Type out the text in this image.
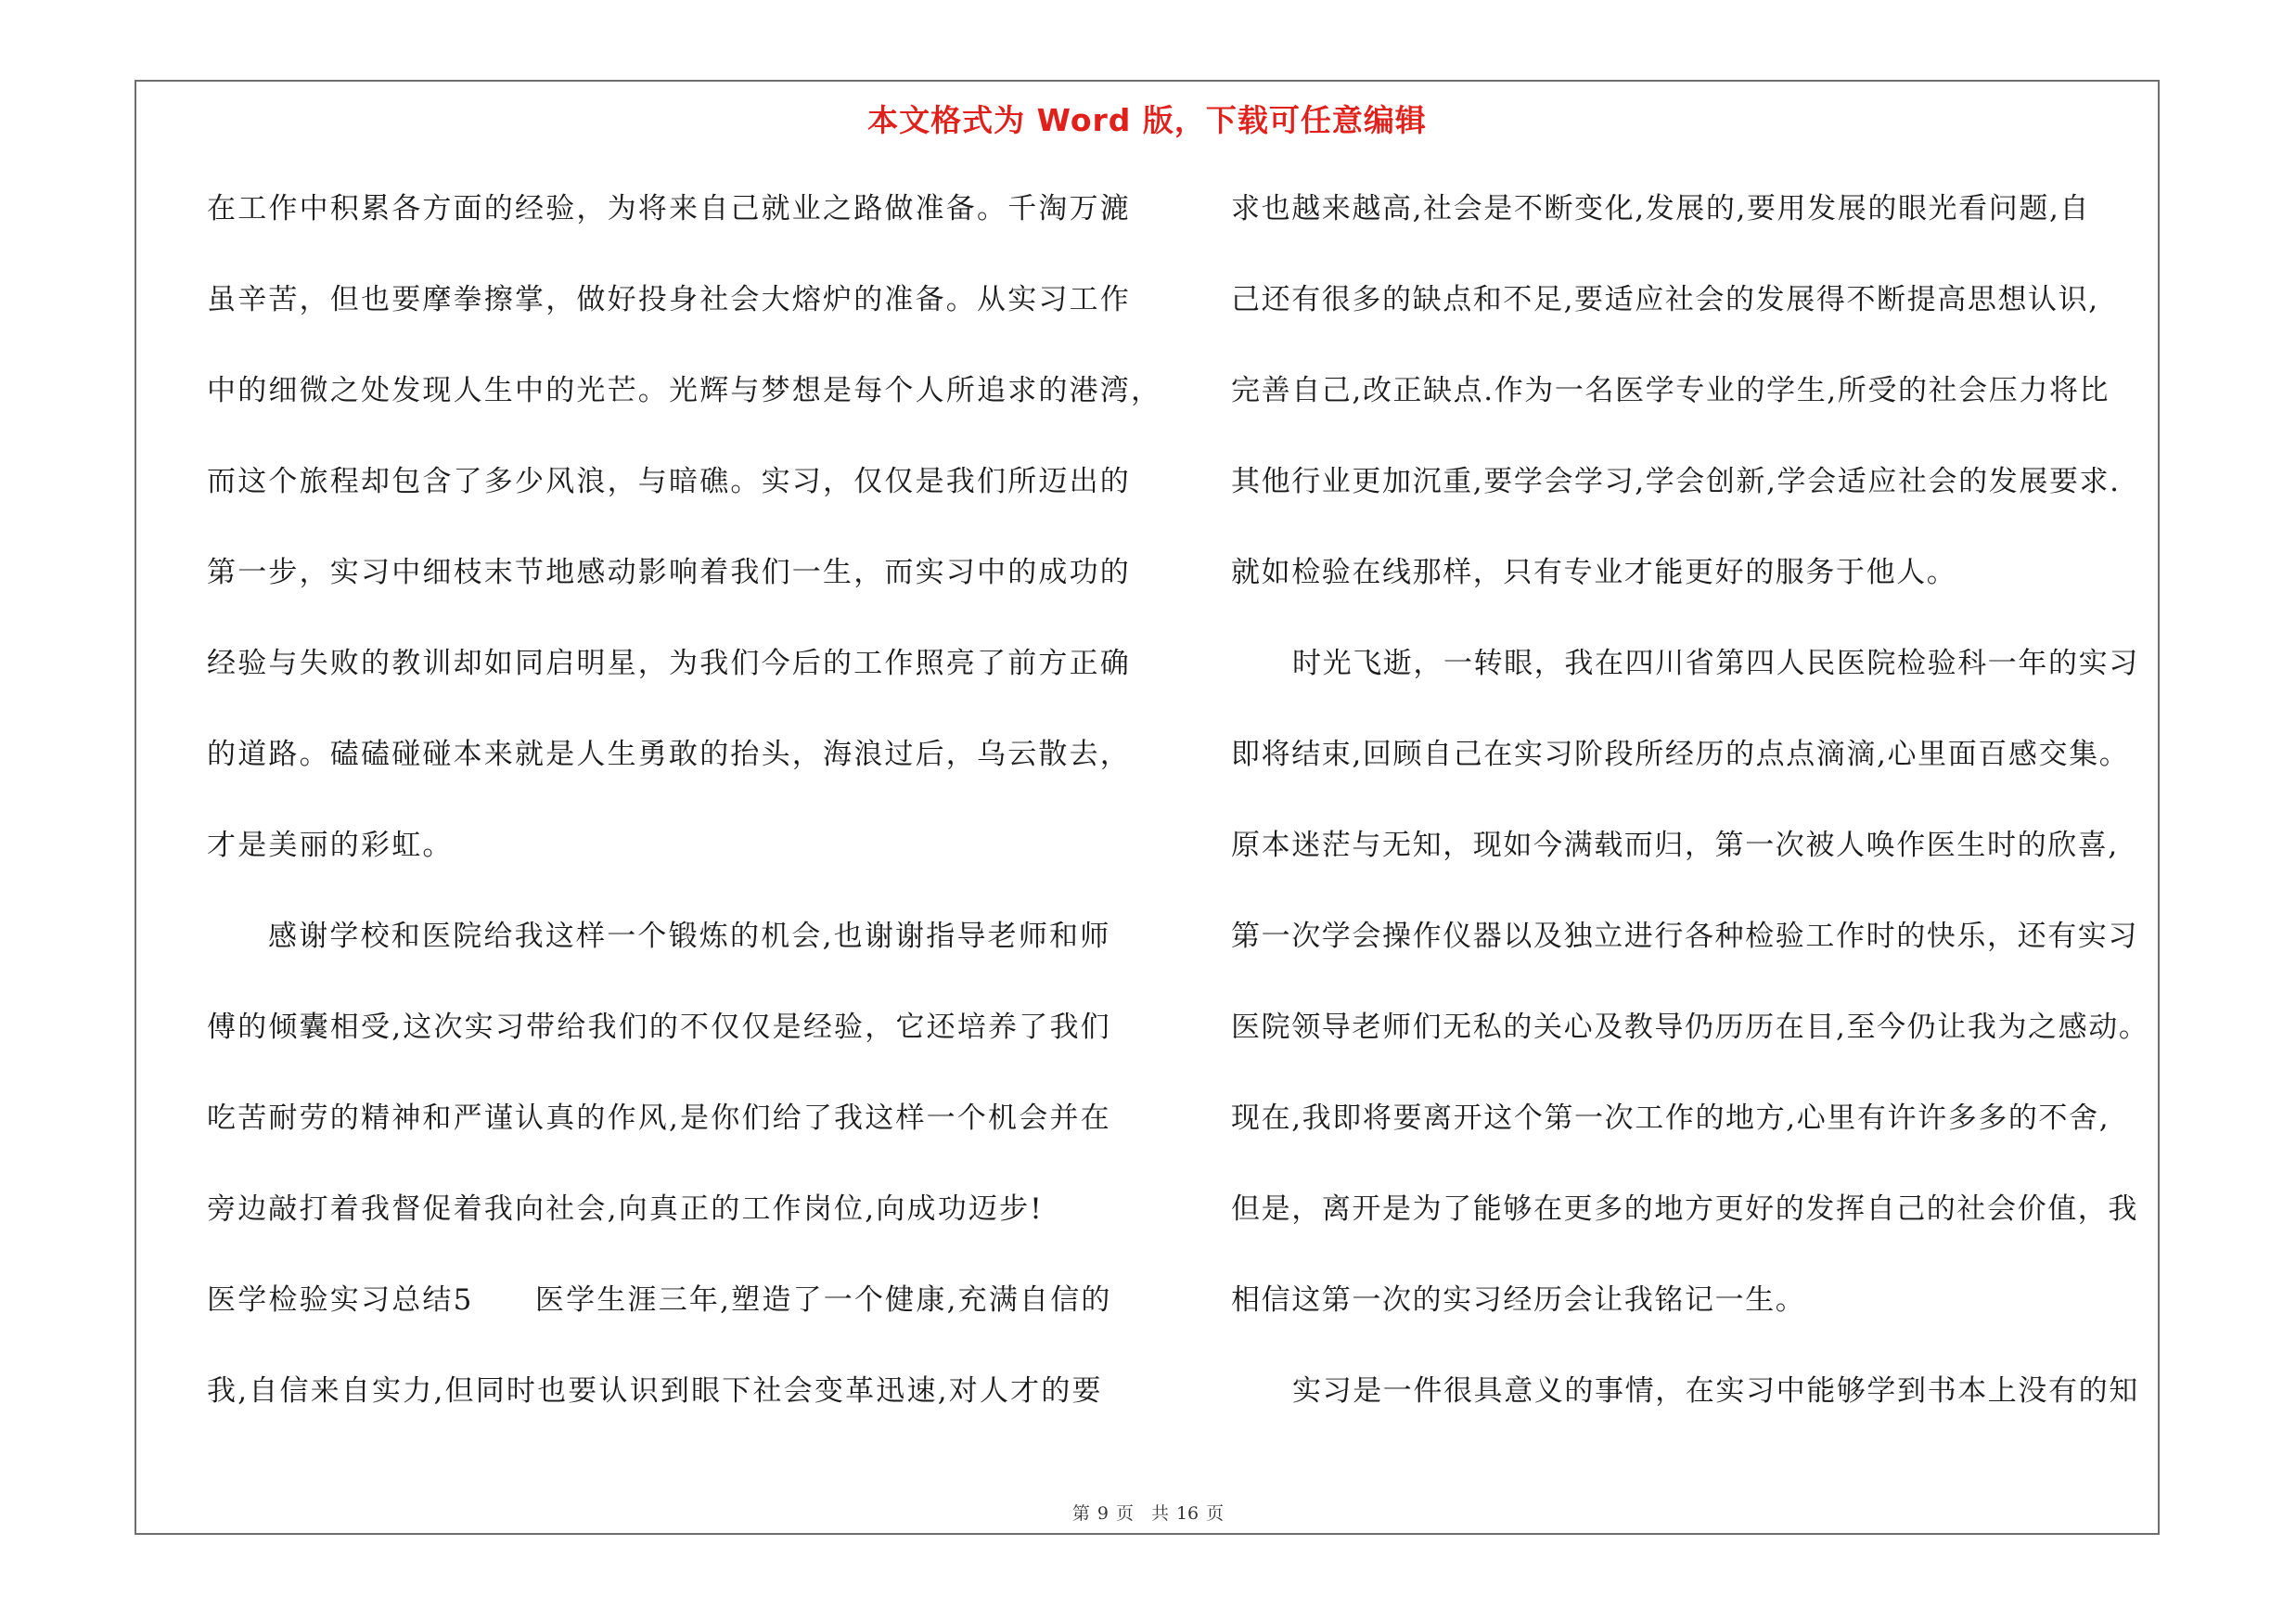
本文格式为 Word 版，下载可任意编辑
在工作中积累各方面的经验，为将来自己就业之路做准备。千淘万漉
虽辛苦，但也要摩拳擦掌，做好投身社会大熔炉的准备。从实习工作
中的细微之处发现人生中的光芒。光辉与梦想是每个人所追求的港湾，
而这个旅程却包含了多少风浪，与暗礁。实习，仅仅是我们所迈出的
第一步，实习中细枝末节地感动影响着我们一生，而实习中的成功的
经验与失败的教训却如同启明星，为我们今后的工作照亮了前方正确
的道路。磕磕碰碰本来就是人生勇敢的抬头，海浪过后，乌云散去，
才是美丽的彩虹。
感谢学校和医院给我这样一个锻炼的机会,也谢谢指导老师和师
傅的倾囊相受,这次实习带给我们的不仅仅是经验，它还培养了我们
吃苦耐劳的精神和严谨认真的作风,是你们给了我这样一个机会并在
旁边敲打着我督促着我向社会,向真正的工作岗位,向成功迈步!
医学检验实习总结5　　医学生涯三年,塑造了一个健康,充满自信的
我,自信来自实力,但同时也要认识到眼下社会变革迅速,对人才的要
求也越来越高,社会是不断变化,发展的,要用发展的眼光看问题,自
己还有很多的缺点和不足,要适应社会的发展得不断提高思想认识,
完善自己,改正缺点.作为一名医学专业的学生,所受的社会压力将比
其他行业更加沉重,要学会学习,学会创新,学会适应社会的发展要求.
就如检验在线那样，只有专业才能更好的服务于他人。
时光飞逝，一转眼，我在四川省第四人民医院检验科一年的实习
即将结束,回顾自己在实习阶段所经历的点点滴滴,心里面百感交集。
原本迷茫与无知，现如今满载而归，第一次被人唤作医生时的欣喜,
第一次学会操作仪器以及独立进行各种检验工作时的快乐，还有实习
医院领导老师们无私的关心及教导仍历历在目,至今仍让我为之感动。
现在,我即将要离开这个第一次工作的地方,心里有许许多多的不舍,
但是，离开是为了能够在更多的地方更好的发挥自己的社会价值，我
相信这第一次的实习经历会让我铭记一生。
实习是一件很具意义的事情，在实习中能够学到书本上没有的知
第 9 页　共 16 页
